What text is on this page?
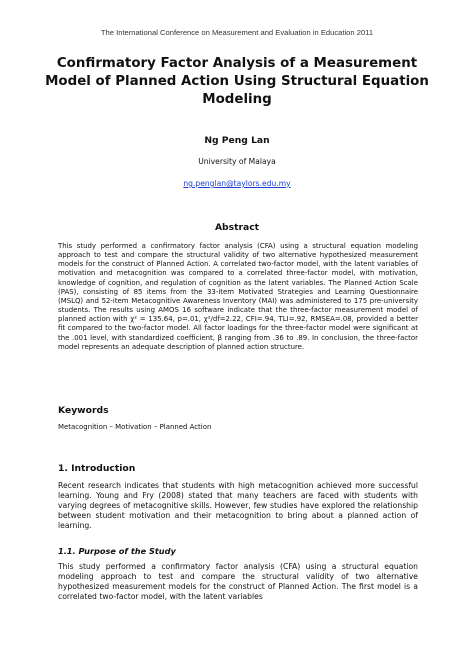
The International Conference on Measurement and Evaluation in Education 2011
Confirmatory Factor Analysis of a Measurement Model of Planned Action Using Structural Equation Modeling
Ng Peng Lan
University of Malaya
ng.penglan@taylors.edu.my
Abstract
This study performed a confirmatory factor analysis (CFA) using a structural equation modeling approach to test and compare the structural validity of two alternative hypothesized measurement models for the construct of Planned Action. A correlated two-factor model, with the latent variables of motivation and metacognition was compared to a correlated three-factor model, with motivation, knowledge of cognition, and regulation of cognition as the latent variables. The Planned Action Scale (PAS), consisting of 85 items from the 33-item Motivated Strategies and Learning Questionnaire (MSLQ) and 52-item Metacognitive Awareness Inventory (MAI) was administered to 175 pre-university students. The results using AMOS 16 software indicate that the three-factor measurement model of planned action with χ² = 135.64, p=.01, χ²/df=2.22, CFI=.94, TLI=.92, RMSEA=.08, provided a better fit compared to the two-factor model. All factor loadings for the three-factor model were significant at the .001 level, with standardized coefficient, β ranging from .36 to .89. In conclusion, the three-factor model represents an adequate description of planned action structure.
Keywords
Metacognition – Motivation – Planned Action
1. Introduction
Recent research indicates that students with high metacognition achieved more successful learning. Young and Fry (2008) stated that many teachers are faced with students with varying degrees of metacognitive skills. However, few studies have explored the relationship between student motivation and their metacognition to bring about a planned action of learning.
1.1. Purpose of the Study
This study performed a confirmatory factor analysis (CFA) using a structural equation modeling approach to test and compare the structural validity of two alternative hypothesized measurement models for the construct of Planned Action. The first model is a correlated two-factor model, with the latent variables
